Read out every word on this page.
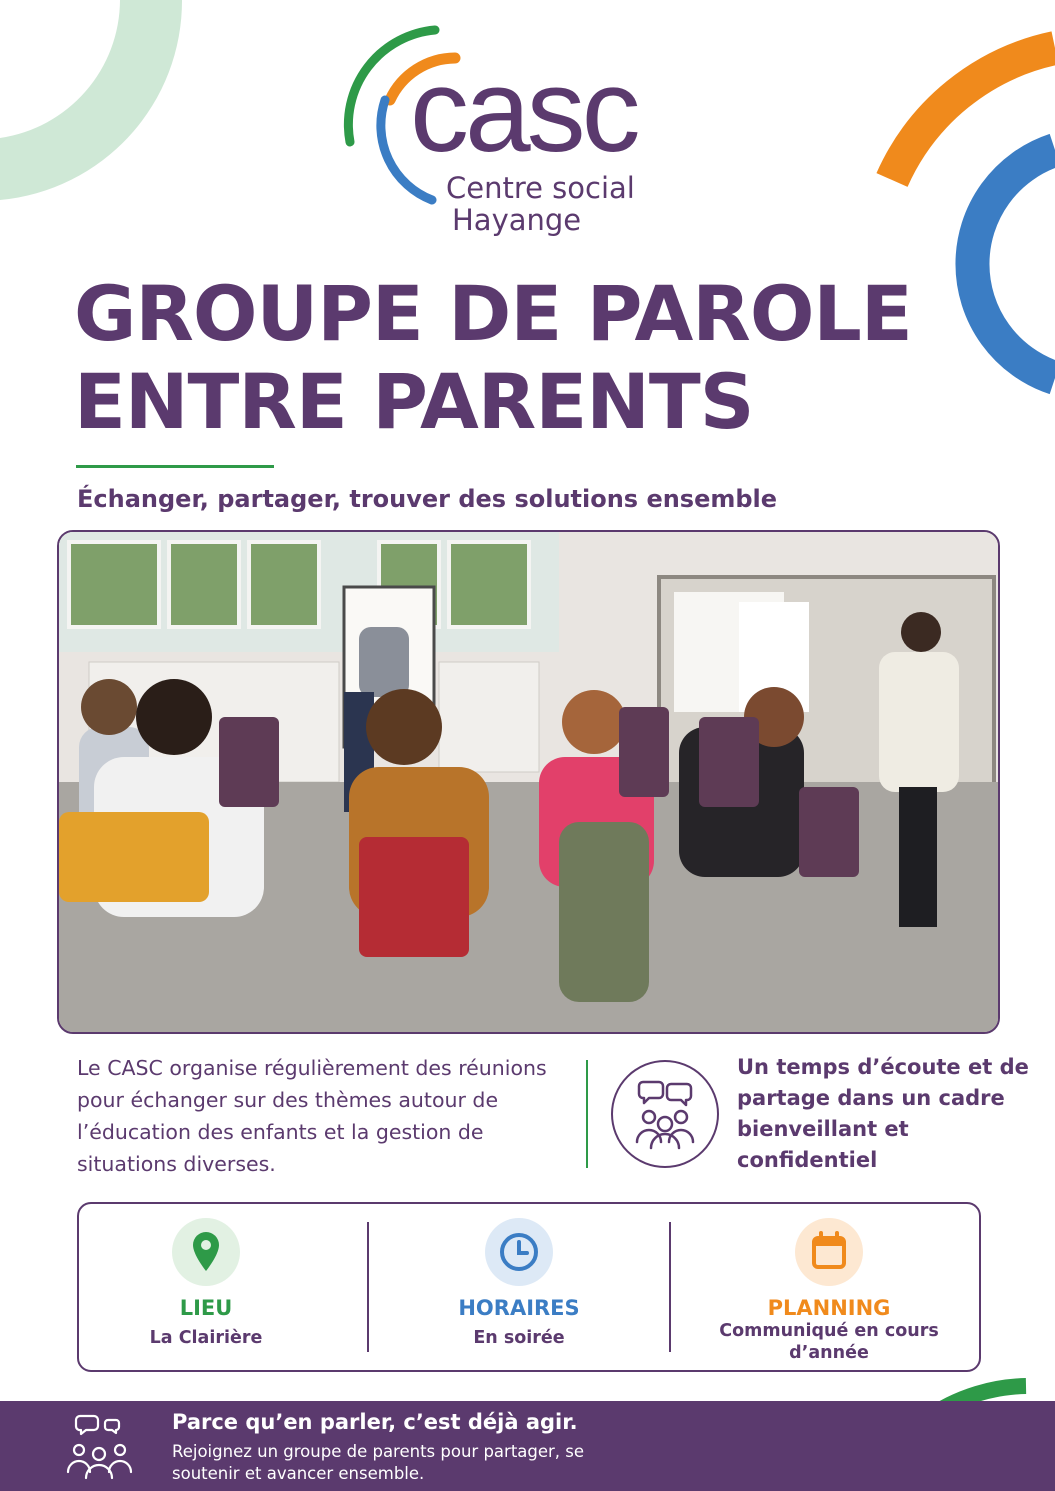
casc
Centre social
Hayange
GROUPE DE PAROLE
ENTRE PARENTS
Échanger, partager, trouver des solutions ensemble
Le CASC organise régulièrement des réunions pour échanger sur des thèmes autour de l’éducation des enfants et la gestion de situations diverses.
Un temps d’écoute et de partage dans un cadre bienveillant et confidentiel
LIEU
La Clairière
HORAIRES
En soirée
PLANNING
Communiqué en cours d’année
Parce qu’en parler, c’est déjà agir.
Rejoignez un groupe de parents pour partager, se soutenir et avancer ensemble.
